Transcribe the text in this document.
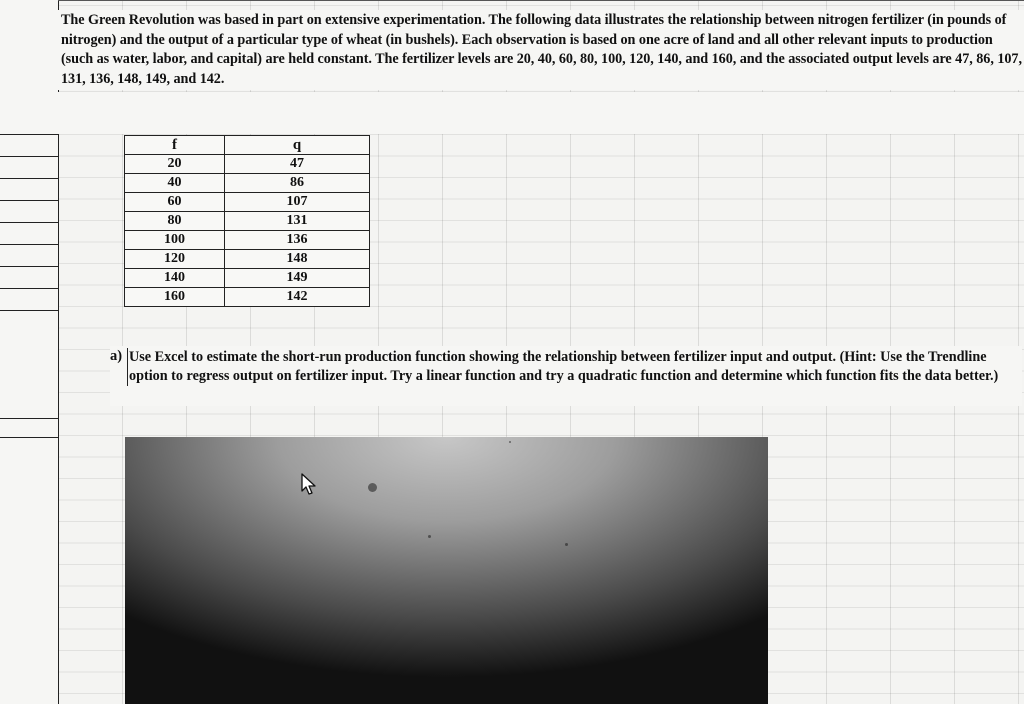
The Green Revolution was based in part on extensive experimentation. The following data illustrates the relationship between nitrogen fertilizer (in pounds of nitrogen) and the output of a particular type of wheat (in bushels). Each observation is based on one acre of land and all other relevant inputs to production (such as water, labor, and capital) are held constant. The fertilizer levels are 20, 40, 60, 80, 100, 120, 140, and 160, and the associated output levels are 47, 86, 107, 131, 136, 148, 149, and 142.

f	q
20	47
40	86
60	107
80	131
100	136
120	148
140	149
160	142
a) Use Excel to estimate the short-run production function showing the relationship between fertilizer input and output. (Hint: Use the Trendline option to regress output on fertilizer input. Try a linear function and try a quadratic function and determine which function fits the data better.)
